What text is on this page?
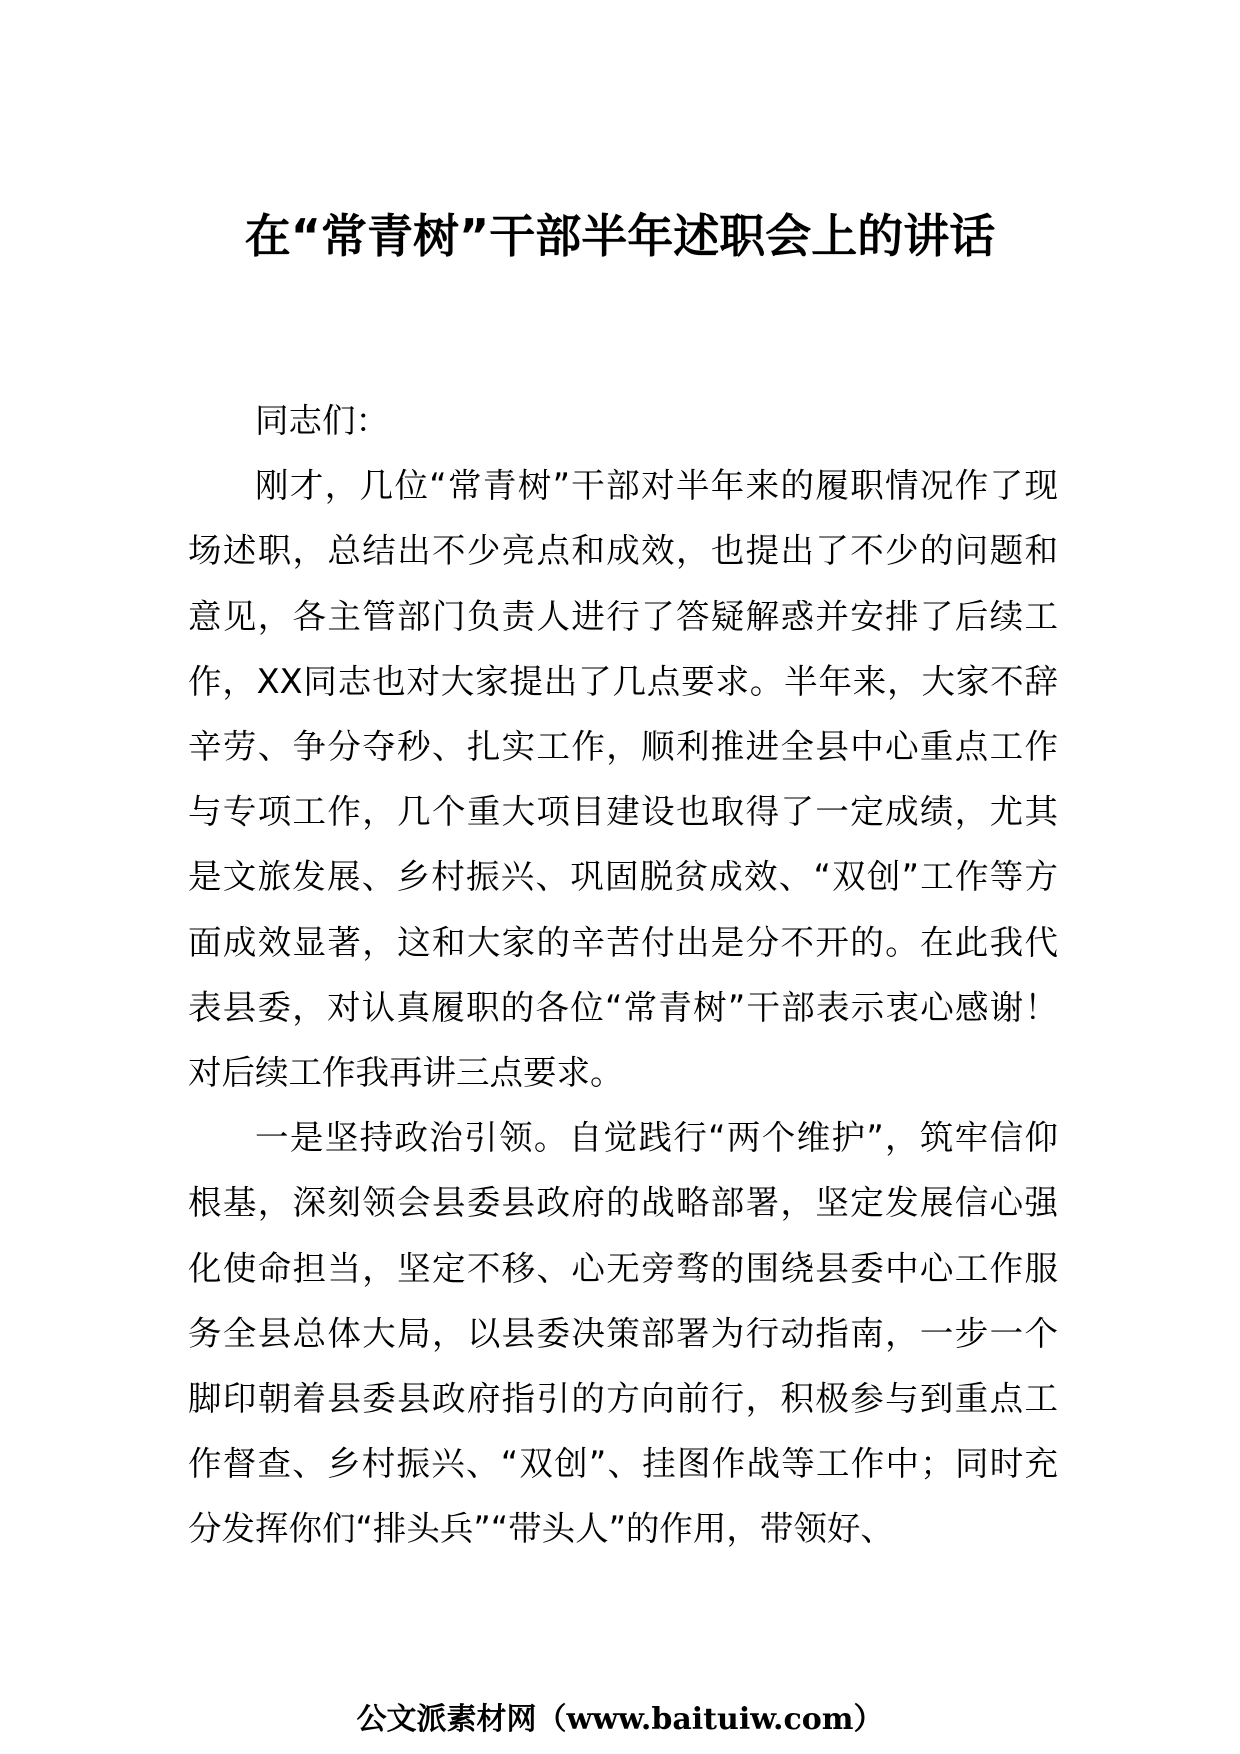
在“常青树”干部半年述职会上的讲话

同志们：

刚才，几位“常青树”干部对半年来的履职情况作了现场述职，总结出不少亮点和成效，也提出了不少的问题和意见，各主管部门负责人进行了答疑解惑并安排了后续工作，XX同志也对大家提出了几点要求。半年来，大家不辞辛劳、争分夺秒、扎实工作，顺利推进全县中心重点工作与专项工作，几个重大项目建设也取得了一定成绩，尤其是文旅发展、乡村振兴、巩固脱贫成效、“双创”工作等方面成效显著，这和大家的辛苦付出是分不开的。在此我代表县委，对认真履职的各位“常青树”干部表示衷心感谢！对后续工作我再讲三点要求。

一是坚持政治引领。自觉践行“两个维护”，筑牢信仰根基，深刻领会县委县政府的战略部署，坚定发展信心强化使命担当，坚定不移、心无旁骛的围绕县委中心工作服务全县总体大局，以县委决策部署为行动指南，一步一个脚印朝着县委县政府指引的方向前行，积极参与到重点工作督查、乡村振兴、“双创”、挂图作战等工作中；同时充分发挥你们“排头兵”“带头人”的作用，带领好、

公文派素材网（www.baituiw.com）
